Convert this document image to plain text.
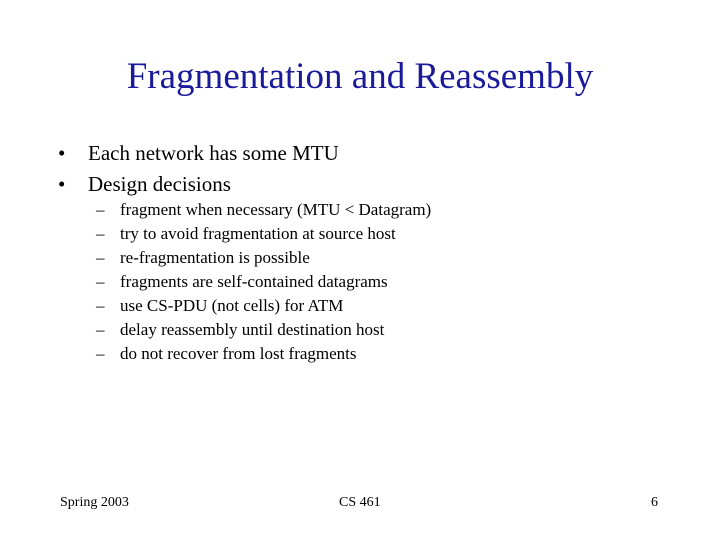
Fragmentation and Reassembly
• Each network has some MTU
• Design decisions
– fragment when necessary (MTU < Datagram)
– try to avoid fragmentation at source host
– re-fragmentation is possible
– fragments are self-contained datagrams
– use CS-PDU (not cells) for ATM
– delay reassembly until destination host
– do not recover from lost fragments
Spring 2003	CS 461	6
